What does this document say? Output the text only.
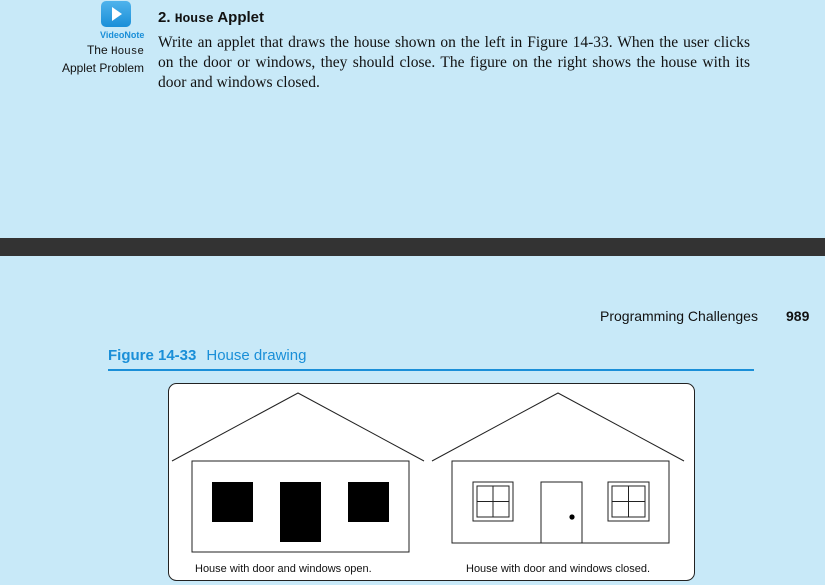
VideoNote
The House
Applet Problem
2. House Applet
Write an applet that draws the house shown on the left in Figure 14-33. When the user clicks on the door or windows, they should close. The figure on the right shows the house with its door and windows closed.
Programming Challenges 989
Figure 14-33 House drawing
House with door and windows open.	House with door and windows closed.
